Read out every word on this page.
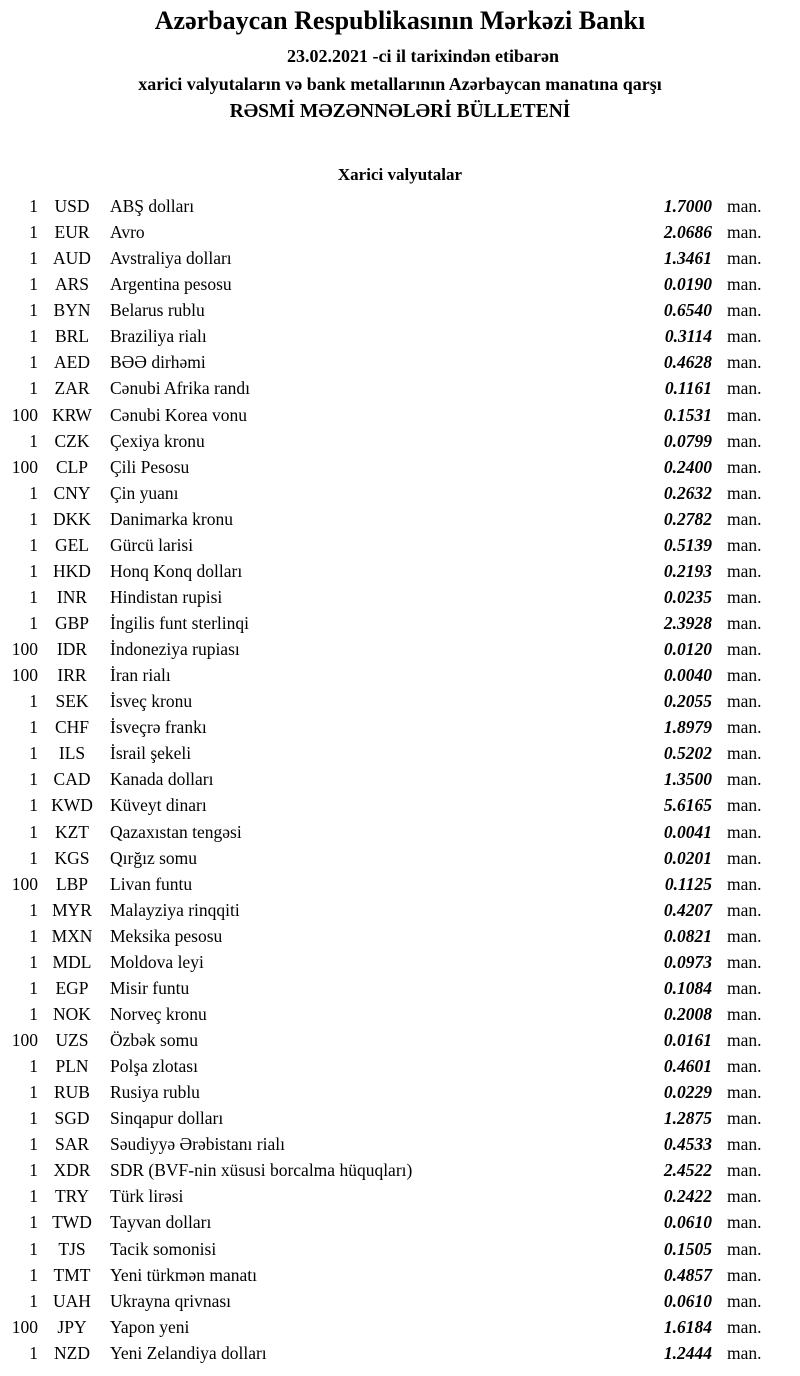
Azərbaycan Respublikasının Mərkəzi Bankı
23.02.2021 -ci il tarixindən etibarən
xarici valyutaların və bank metallarının Azərbaycan manatına qarşı
RƏSMİ MƏZƏNNƏLƏRİ BÜLLETENİ
Xarici valyutalar
1 USD	ABŞ dolları	1.7000 man.
1 EUR	Avro	2.0686 man.
1 AUD	Avstraliya dolları	1.3461 man.
1 ARS	Argentina pesosu	0.0190 man.
1 BYN	Belarus rublu	0.6540 man.
1 BRL	Braziliya rialı	0.3114 man.
1 AED	BƏƏ dirhəmi	0.4628 man.
1 ZAR	Cənubi Afrika randı	0.1161 man.
100 KRW	Cənubi Korea vonu	0.1531 man.
1 CZK	Çexiya kronu	0.0799 man.
100	CLP	Çili Pesosu	0.2400 man.
1 CNY	Çin yuanı	0.2632 man.
1 DKK	Danimarka kronu	0.2782 man.
1 GEL	Gürcü larisi	0.5139 man.
1 HKD	Honq Konq dolları	0.2193 man.
1	INR	Hindistan rupisi	0.0235 man.
1 GBP	İngilis funt sterlinqi	2.3928 man.
100	IDR	İndoneziya rupiası	0.0120 man.
100	IRR	İran rialı	0.0040 man.
1 SEK	İsveç kronu	0.2055 man.
1 CHF	İsveçrə frankı	1.8979 man.
1	ILS	İsrail şekeli	0.5202 man.
1 CAD	Kanada dolları	1.3500 man.
1 KWD Küveyt dinarı	5.6165 man.
1 KZT	Qazaxıstan tengəsi	0.0041 man.
1 KGS	Qırğız somu	0.0201 man.
100	LBP	Livan funtu	0.1125 man.
1 MYR	Malayziya rinqqiti	0.4207 man.
1 MXN	Meksika pesosu	0.0821 man.
1 MDL	Moldova leyi	0.0973 man.
1 EGP	Misir funtu	0.1084 man.
1 NOK	Norveç kronu	0.2008 man.
100 UZS	Özbək somu	0.0161 man.
1 PLN	Polşa zlotası	0.4601 man.
1 RUB	Rusiya rublu	0.0229 man.
1 SGD	Sinqapur dolları	1.2875 man.
1 SAR	Səudiyyə Ərəbistanı rialı	0.4533 man.
1 XDR	SDR (BVF-nin xüsusi borcalma hüquqları)	2.4522 man.
1 TRY	Türk lirəsi	0.2422 man.
1 TWD	Tayvan dolları	0.0610 man.
1	TJS	Tacik somonisi	0.1505 man.
1 TMT	Yeni türkmən manatı	0.4857 man.
1 UAH	Ukrayna qrivnası	0.0610 man.
100	JPY	Yapon yeni	1.6184 man.
1 NZD	Yeni Zelandiya dolları	1.2444 man.
